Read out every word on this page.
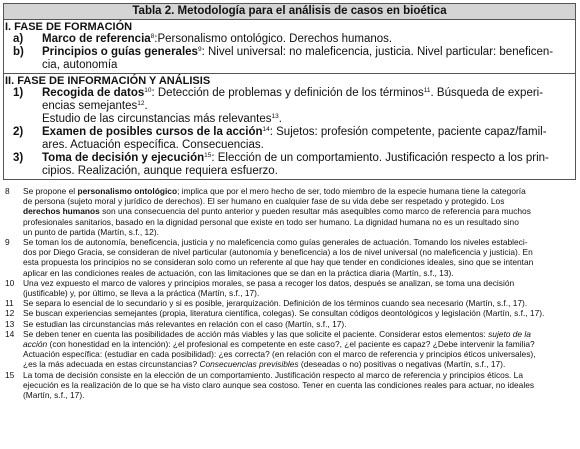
Tabla 2. Metodología para el análisis de casos en bioética
I. FASE DE FORMACIÓN
a)	Marco de referencia$^8$:Personalismo ontológico. Derechos humanos.
b)	Principios o guías generales$^9$: Nivel universal: no maleficencia, justicia. Nivel particular: beneficen-
cia, autonomía
II. FASE DE INFORMACIÓN Y ANÁLISIS
1)	Recogida de datos$^{10}$: Detección de problemas y definición de los términos$^{11}$. Búsqueda de experi-
encias semejantes$^{12}$.
Estudio de las circunstancias más relevantes$^{13}$.
2)	Examen de posibles cursos de la acción$^{14}$: Sujetos: profesión competente, paciente capaz/famil-
ares. Actuación específica. Consecuencias.
3)	Toma de decisión y ejecución$^{15}$: Elección de un comportamiento. Justificación respecto a los prin-
cipios. Realización, aunque requiera esfuerzo.
8	Se propone el personalismo ontológico; implica que por el mero hecho de ser, todo miembro de la especie humana tiene la categoría
de persona (sujeto moral y jurídico de derechos). El ser humano en cualquier fase de su vida debe ser respetado y protegido. Los
derechos humanos son una consecuencia del punto anterior y pueden resultar más asequibles como marco de referencia para muchos
profesionales sanitarios, basado en la dignidad personal que existe en todo ser humano. La dignidad humana no es un resultado sino
un punto de partida (Martín, s.f., 12).
9	Se toman los de autonomía, beneficencia, justicia y no maleficencia como guías generales de actuación. Tomando los niveles estableci-
dos por Diego Gracia, se consideran de nivel particular (autonomía y beneficencia) a los de nivel universal (no maleficencia y justicia). En
esta propuesta los principios no se consideran solo como un referente al que hay que tender en condiciones ideales, sino que se intentan
aplicar en las condiciones reales de actuación, con las limitaciones que se dan en la práctica diaria (Martín, s.f., 13).
10	Una vez expuesto el marco de valores y principios morales, se pasa a recoger los datos, después se analizan, se toma una decisión
(justificable) y, por último, se lleva a la práctica (Martín, s.f., 17).
11	Se separa lo esencial de lo secundario y si es posible, jerarquización. Definición de los términos cuando sea necesario (Martín, s.f., 17).
12	Se buscan experiencias semejantes (propia, literatura científica, colegas). Se consultan códigos deontológicos y legislación (Martín, s.f., 17).
13	Se estudian las circunstancias más relevantes en relación con el caso (Martín, s.f., 17).
14	Se deben tener en cuenta las posibilidades de acción más viables y las que solicite el paciente. Considerar estos elementos: sujeto de la
acción (con honestidad en la intención): ¿el profesional es competente en este caso?, ¿el paciente es capaz? ¿Debe intervenir la familia?
Actuación específica: (estudiar en cada posibilidad): ¿es correcta? (en relación con el marco de referencia y principios éticos universales),
¿es la más adecuada en estas circunstancias? Consecuencias previsibles (deseadas o no) positivas o negativas (Martín, s.f., 17).
15	La toma de decisión consiste en la elección de un comportamiento. Justificación respecto al marco de referencia y principios éticos. La
ejecución es la realización de lo que se ha visto claro aunque sea costoso. Tener en cuenta las condiciones reales para actuar, no ideales
(Martín, s.f., 17).
